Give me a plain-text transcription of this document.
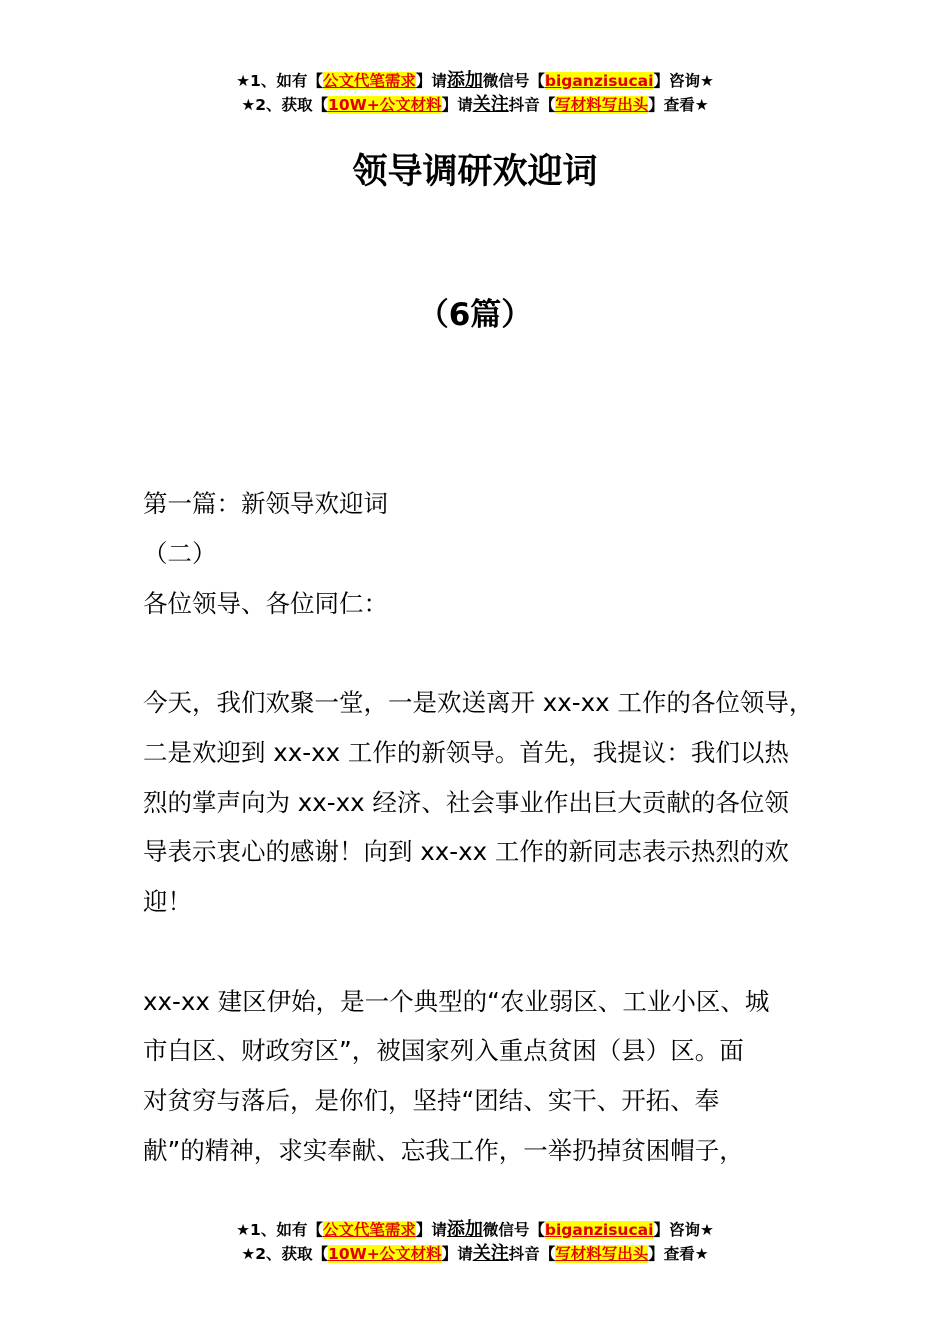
★1、如有【公文代笔需求】请添加微信号【biganzisucai】咨询★
★2、获取【10W+公文材料】请关注抖音【写材料写出头】查看★
领导调研欢迎词
（6篇）
第一篇：新领导欢迎词
（二）
各位领导、各位同仁：
今天，我们欢聚一堂，一是欢送离开 xx-xx 工作的各位领导，
二是欢迎到 xx-xx 工作的新领导。首先，我提议：我们以热
烈的掌声向为 xx-xx 经济、社会事业作出巨大贡献的各位领
导表示衷心的感谢！向到 xx-xx 工作的新同志表示热烈的欢
迎！
xx-xx 建区伊始，是一个典型的“农业弱区、工业小区、城
市白区、财政穷区”，被国家列入重点贫困（县）区。面
对贫穷与落后，是你们，坚持“团结、实干、开拓、奉
献”的精神，求实奉献、忘我工作，一举扔掉贫困帽子，
★1、如有【公文代笔需求】请添加微信号【biganzisucai】咨询★
★2、获取【10W+公文材料】请关注抖音【写材料写出头】查看★
